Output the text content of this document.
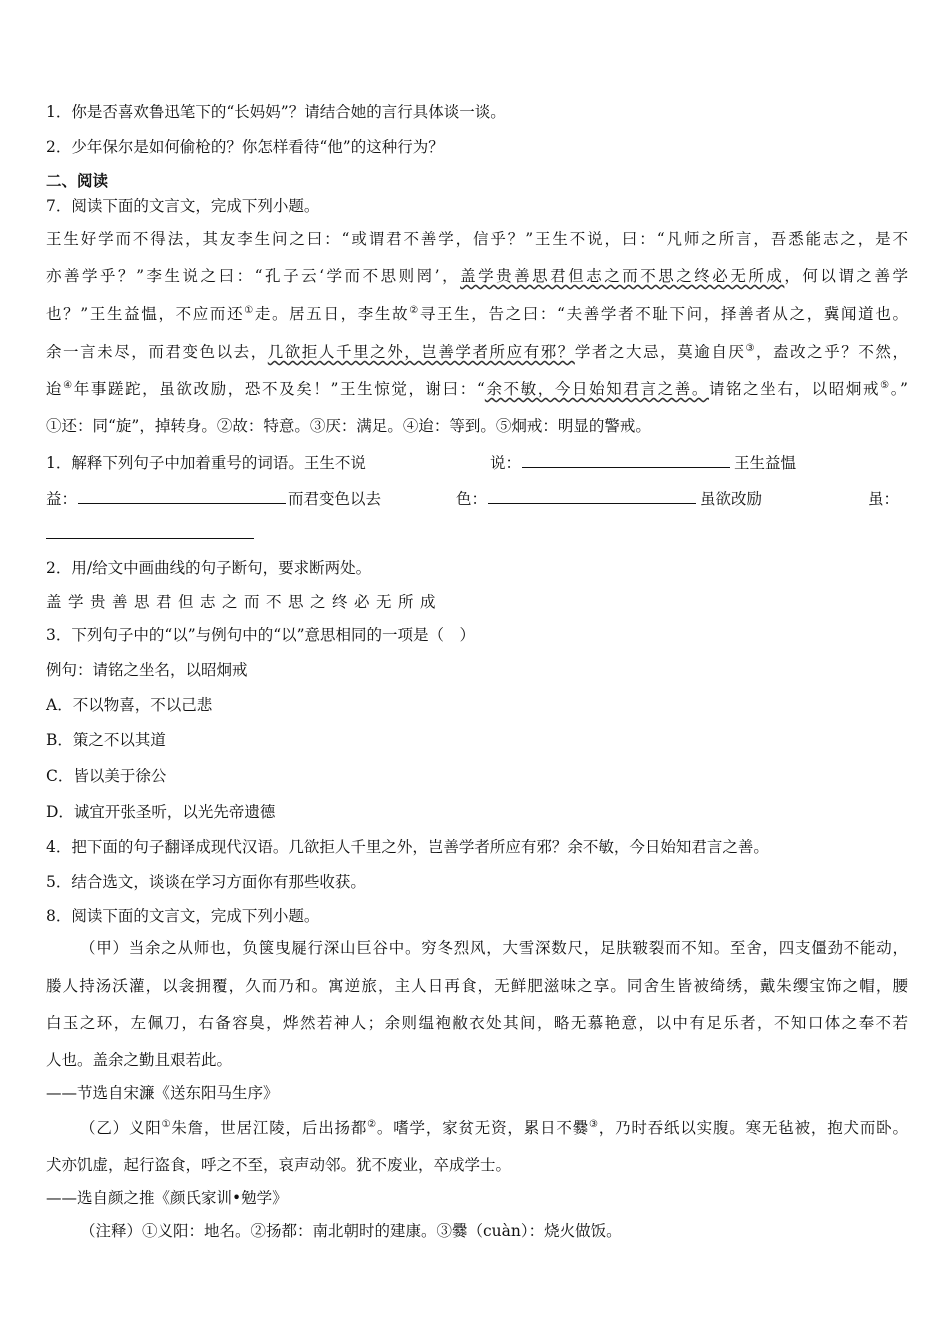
1．你是否喜欢鲁迅笔下的“长妈妈”？请结合她的言行具体谈一谈。
2．少年保尔是如何偷枪的？你怎样看待“他”的这种行为？
二、阅读
7．阅读下面的文言文，完成下列小题。
王生好学而不得法，其友李生问之曰：“或谓君不善学，信乎？”王生不说，曰：“凡师之所言，吾悉能志之，是不
亦善学乎？”李生说之曰：“孔子云‘学而不思则罔’，盖学贵善思君但志之而不思之终必无所成，何以谓之善学
也？”王生益愠，不应而还①走。居五日，李生故②寻王生，告之曰：“夫善学者不耻下问，择善者从之，冀闻道也。
余一言未尽，而君变色以去，几欲拒人千里之外，岂善学者所应有邪？学者之大忌，莫逾自厌③，盍改之乎？不然，
迨④年事蹉跎，虽欲改励，恐不及矣！”王生惊觉，谢曰：“余不敏，今日始知君言之善。请铭之坐右，以昭炯戒⑤。”
①还：同“旋”，掉转身。②故：特意。③厌：满足。④迨：等到。⑤炯戒：明显的警戒。
1．解释下列句子中加着重号的词语。王生不说	说：	王生益愠
益：	而君变色以去	色：	虽欲改励	虽：
2．用/给文中画曲线的句子断句，要求断两处。
盖学贵善思君但志之而不思之终必无所成
3．下列句子中的“以”与例句中的“以”意思相同的一项是（　）
例句：请铭之坐名，以昭炯戒
A．不以物喜，不以己悲
B．策之不以其道
C．皆以美于徐公
D．诚宜开张圣听，以光先帝遗德
4．把下面的句子翻译成现代汉语。几欲拒人千里之外，岂善学者所应有邪？余不敏，今日始知君言之善。
5．结合选文，谈谈在学习方面你有那些收获。
8．阅读下面的文言文，完成下列小题。
（甲）当余之从师也，负箧曳屣行深山巨谷中。穷冬烈风，大雪深数尺，足肤皲裂而不知。至舍，四支僵劲不能动，
媵人持汤沃灌，以衾拥覆，久而乃和。寓逆旅，主人日再食，无鲜肥滋味之享。同舍生皆被绮绣，戴朱缨宝饰之帽，腰
白玉之环，左佩刀，右备容臭，烨然若神人；余则缊袍敝衣处其间，略无慕艳意，以中有足乐者，不知口体之奉不若
人也。盖余之勤且艰若此。
——节选自宋濂《送东阳马生序》
（乙）义阳①朱詹，世居江陵，后出扬都②。嗜学，家贫无资，累日不爨③，乃时吞纸以实腹。寒无毡被，抱犬而卧。
犬亦饥虚，起行盗食，呼之不至，哀声动邻。犹不废业，卒成学士。
——选自颜之推《颜氏家训•勉学》
（注释）①义阳：地名。②扬都：南北朝时的建康。③爨（cuàn）：烧火做饭。
